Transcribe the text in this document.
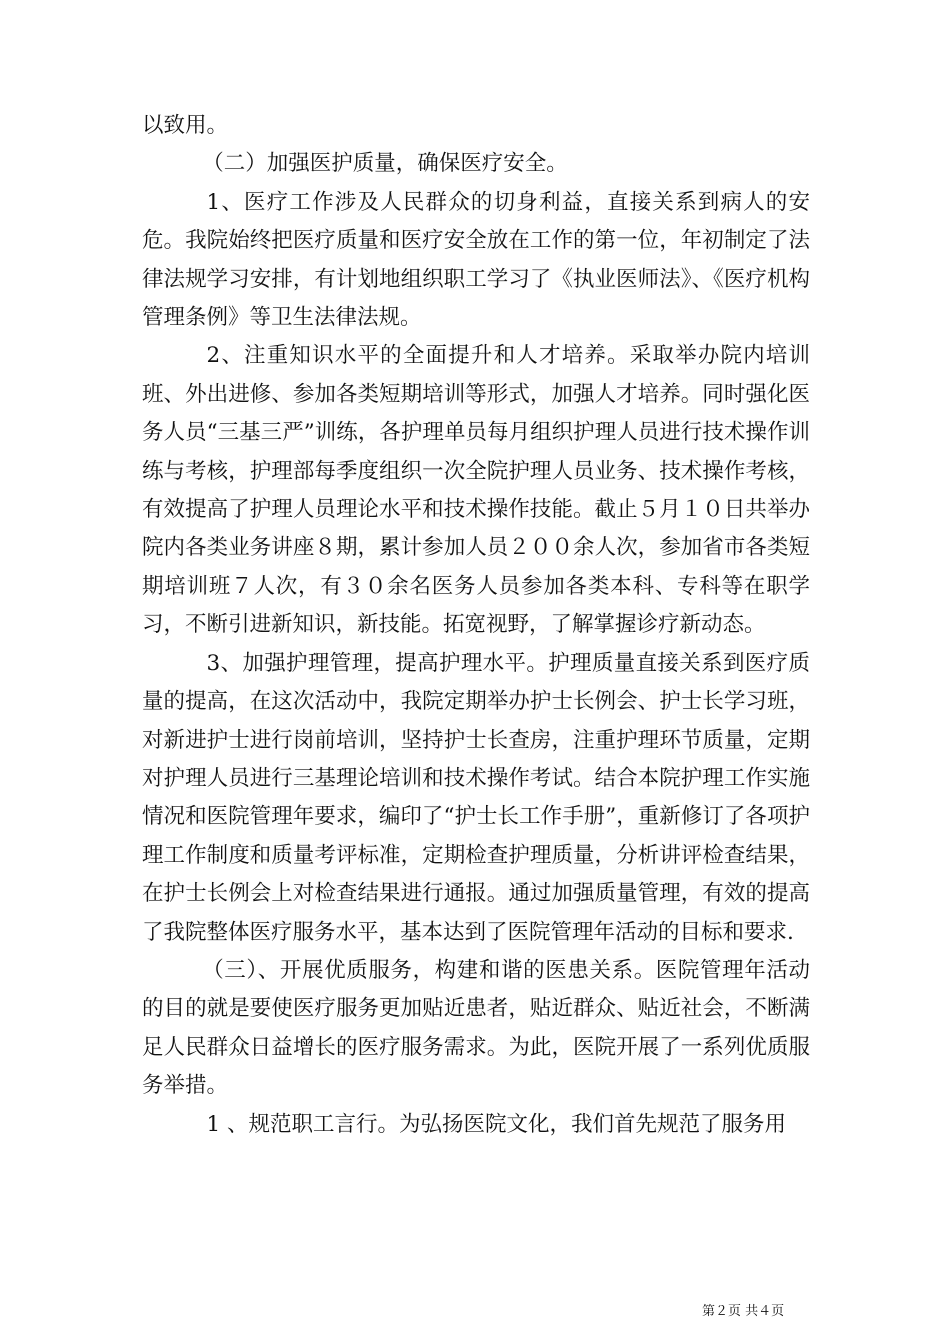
以致用。

（二）加强医护质量，确保医疗安全。

1、医疗工作涉及人民群众的切身利益，直接关系到病人的安危。我院始终把医疗质量和医疗安全放在工作的第一位，年初制定了法律法规学习安排，有计划地组织职工学习了《执业医师法》、《医疗机构管理条例》等卫生法律法规。

2、注重知识水平的全面提升和人才培养。采取举办院内培训班、外出进修、参加各类短期培训等形式，加强人才培养。同时强化医务人员“三基三严”训练，各护理单员每月组织护理人员进行技术操作训练与考核，护理部每季度组织一次全院护理人员业务、技术操作考核，有效提高了护理人员理论水平和技术操作技能。截止５月１０日共举办院内各类业务讲座８期，累计参加人员２００余人次，参加省市各类短期培训班７人次，有３０余名医务人员参加各类本科、专科等在职学习，不断引进新知识，新技能。拓宽视野，了解掌握诊疗新动态。

3、加强护理管理，提高护理水平。护理质量直接关系到医疗质量的提高，在这次活动中，我院定期举办护士长例会、护士长学习班，对新进护士进行岗前培训，坚持护士长查房，注重护理环节质量，定期对护理人员进行三基理论培训和技术操作考试。结合本院护理工作实施情况和医院管理年要求，编印了“护士长工作手册”，重新修订了各项护理工作制度和质量考评标准，定期检查护理质量，分析讲评检查结果，在护士长例会上对检查结果进行通报。通过加强质量管理，有效的提高了我院整体医疗服务水平，基本达到了医院管理年活动的目标和要求.

（三）、开展优质服务，构建和谐的医患关系。医院管理年活动的目的就是要使医疗服务更加贴近患者，贴近群众、贴近社会，不断满足人民群众日益增长的医疗服务需求。为此，医院开展了一系列优质服务举措。

1 、规范职工言行。为弘扬医院文化，我们首先规范了服务用

第２页 共４页
